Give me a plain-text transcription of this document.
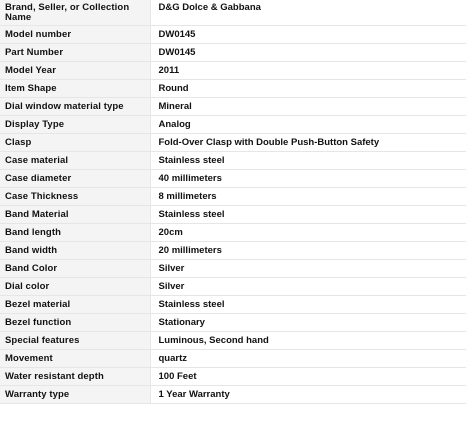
Brand, Seller, or Collection Name	D&G Dolce & Gabbana
Model number	DW0145
Part Number	DW0145
Model Year	2011
Item Shape	Round
Dial window material type	Mineral
Display Type	Analog
Clasp	Fold-Over Clasp with Double Push-Button Safety
Case material	Stainless steel
Case diameter	40 millimeters
Case Thickness	8 millimeters
Band Material	Stainless steel
Band length	20cm
Band width	20 millimeters
Band Color	Silver
Dial color	Silver
Bezel material	Stainless steel
Bezel function	Stationary
Special features	Luminous, Second hand
Movement	quartz
Water resistant depth	100 Feet
Warranty type	1 Year Warranty
